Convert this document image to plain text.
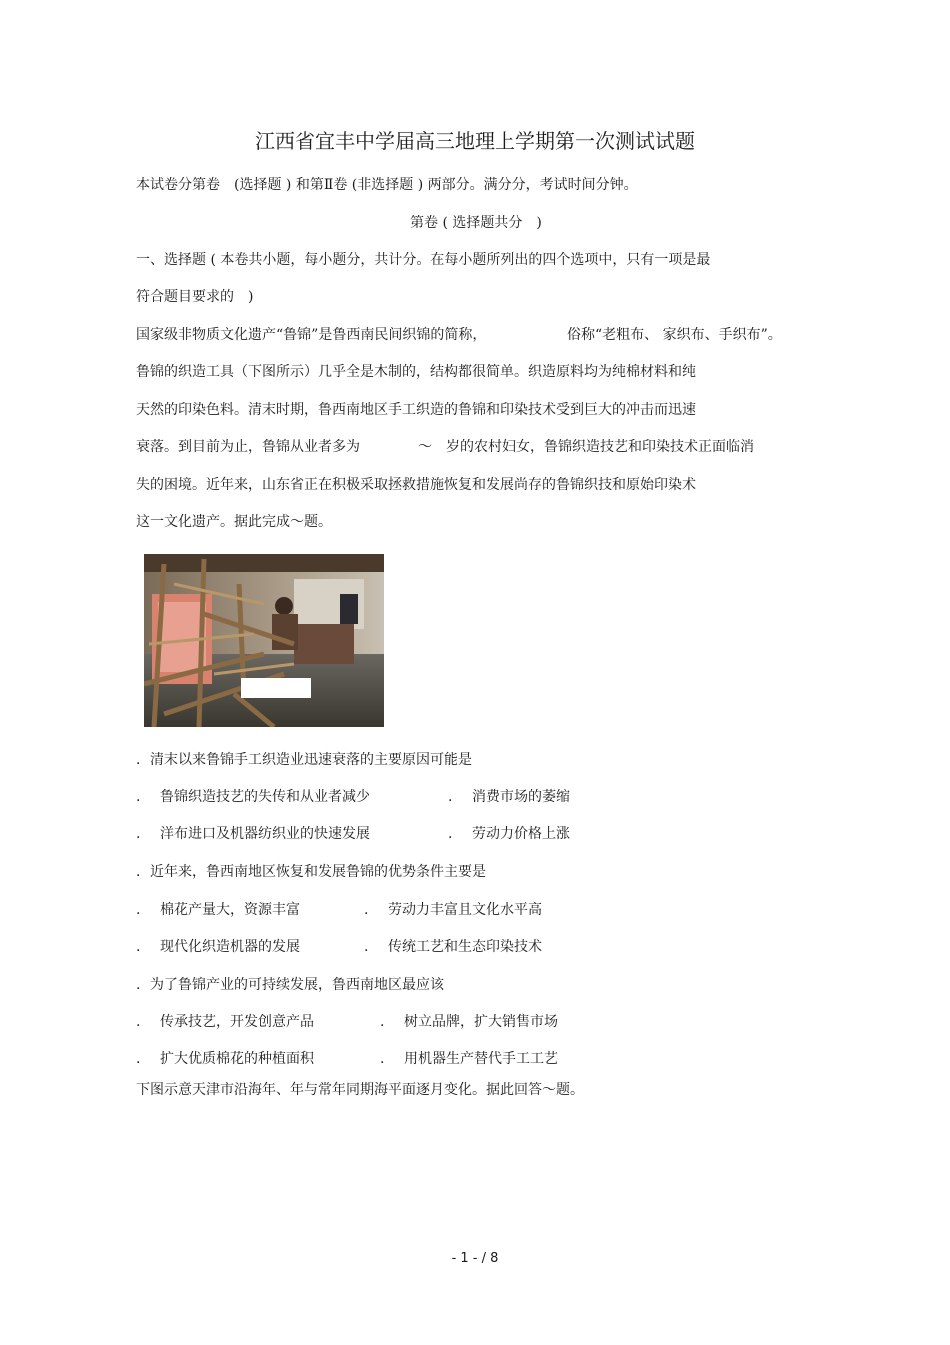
江西省宜丰中学届高三地理上学期第一次测试试题
本试卷分第卷　(选择题 ) 和第Ⅱ卷 (非选择题 ) 两部分。满分分，考试时间分钟。
第卷 ( 选择题共分　)
一、选择题 ( 本卷共小题，每小题分，共计分。在每小题所列出的四个选项中，只有一项是最
符合题目要求的　)
国家级非物质文化遗产“鲁锦”是鲁西南民间织锦的简称，	俗称“老粗布、 家织布、手织布”。
鲁锦的织造工具（下图所示）几乎全是木制的，结构都很简单。织造原料均为纯棉材料和纯
天然的印染色料。清末时期，鲁西南地区手工织造的鲁锦和印染技术受到巨大的冲击而迅速
衰落。到目前为止，鲁锦从业者多为	～　岁的农村妇女，鲁锦织造技艺和印染技术正面临消
失的困境。近年来，山东省正在积极采取拯救措施恢复和发展尚存的鲁锦织技和原始印染术
这一文化遗产。据此完成～题。
. 清末以来鲁锦手工织造业迅速衰落的主要原因可能是
. 鲁锦织造技艺的失传和从业者减少	. 消费市场的萎缩
. 洋布进口及机器纺织业的快速发展	. 劳动力价格上涨
. 近年来，鲁西南地区恢复和发展鲁锦的优势条件主要是
. 棉花产量大，资源丰富	. 劳动力丰富且文化水平高
. 现代化织造机器的发展	. 传统工艺和生态印染技术
. 为了鲁锦产业的可持续发展，鲁西南地区最应该
. 传承技艺，开发创意产品	. 树立品牌，扩大销售市场
. 扩大优质棉花的种植面积	. 用机器生产替代手工工艺
下图示意天津市沿海年、年与常年同期海平面逐月变化。据此回答～题。
- 1 - / 8
